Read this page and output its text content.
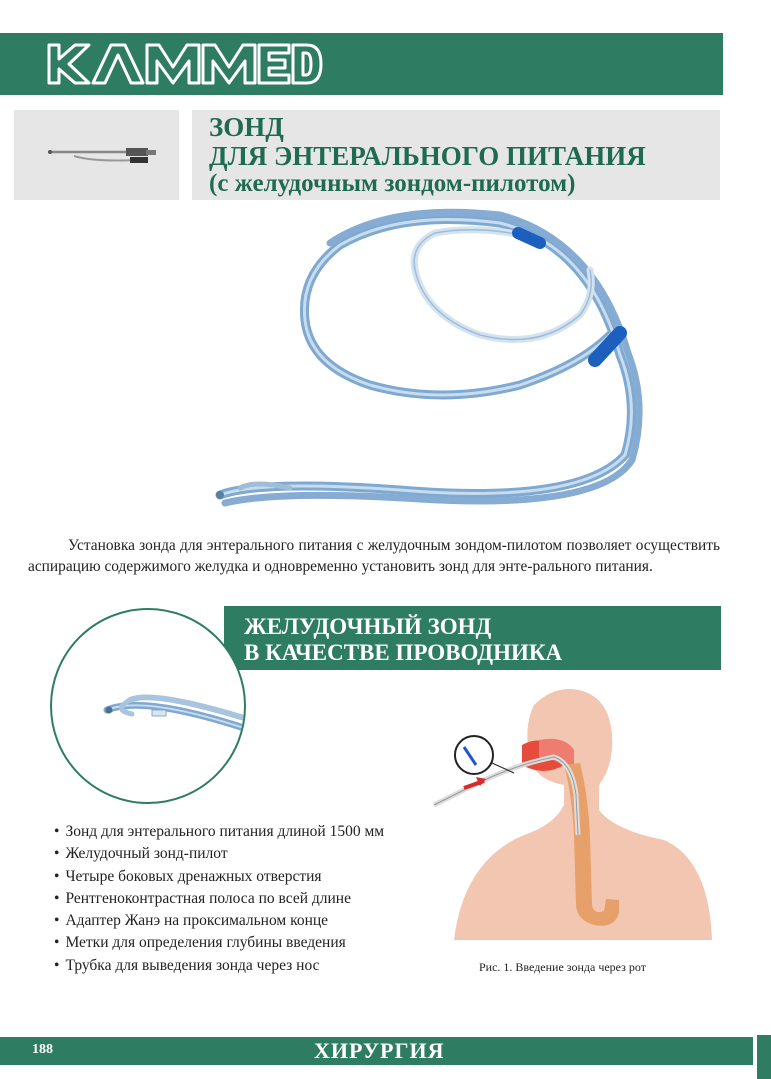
ЗОНД
ДЛЯ ЭНТЕРАЛЬНОГО ПИТАНИЯ
(с желудочным зондом-пилотом)

Установка зонда для энтерального питания с желудочным зондом-пилотом позволяет осуществить аспирацию содержимого желудка и одновременно установить зонд для энте-рального питания.

ЖЕЛУДОЧНЫЙ ЗОНД
В КАЧЕСТВЕ ПРОВОДНИКА
• Зонд для энтерального питания длиной 1500 мм
• Желудочный зонд-пилот
• Четыре боковых дренажных отверстия
• Рентгеноконтрастная полоса по всей длине
• Адаптер Жанэ на проксимальном конце
• Метки для определения глубины введения
• Трубка для выведения зонда через нос	Рис. 1. Введение зонда через рот
188	ХИРУРГИЯ
